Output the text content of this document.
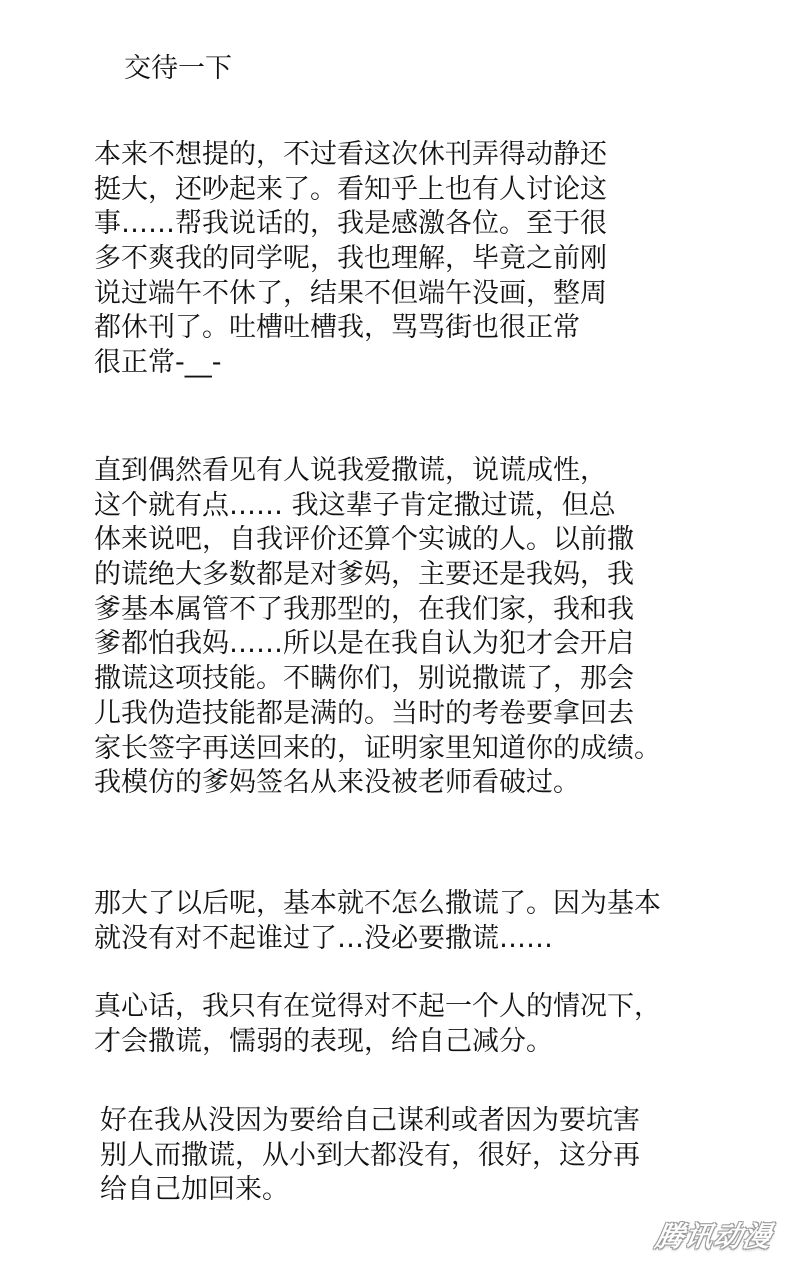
交待一下
本来不想提的，不过看这次休刊弄得动静还
挺大，还吵起来了。看知乎上也有人讨论这
事……帮我说话的，我是感激各位。至于很
多不爽我的同学呢，我也理解，毕竟之前刚
说过端午不休了，结果不但端午没画，整周
都休刊了。吐槽吐槽我，骂骂街也很正常
很正常-__-
直到偶然看见有人说我爱撒谎，说谎成性，
这个就有点…… 我这辈子肯定撒过谎，但总
体来说吧，自我评价还算个实诚的人。以前撒
的谎绝大多数都是对爹妈，主要还是我妈，我
爹基本属管不了我那型的，在我们家，我和我
爹都怕我妈……所以是在我自认为犯才会开启
撒谎这项技能。不瞒你们，别说撒谎了，那会
儿我伪造技能都是满的。当时的考卷要拿回去
家长签字再送回来的，证明家里知道你的成绩。
我模仿的爹妈签名从来没被老师看破过。
那大了以后呢，基本就不怎么撒谎了。因为基本
就没有对不起谁过了…没必要撒谎……
真心话，我只有在觉得对不起一个人的情况下，
才会撒谎，懦弱的表现，给自己减分。
好在我从没因为要给自己谋利或者因为要坑害
别人而撒谎，从小到大都没有，很好，这分再
给自己加回来。
腾讯动漫
